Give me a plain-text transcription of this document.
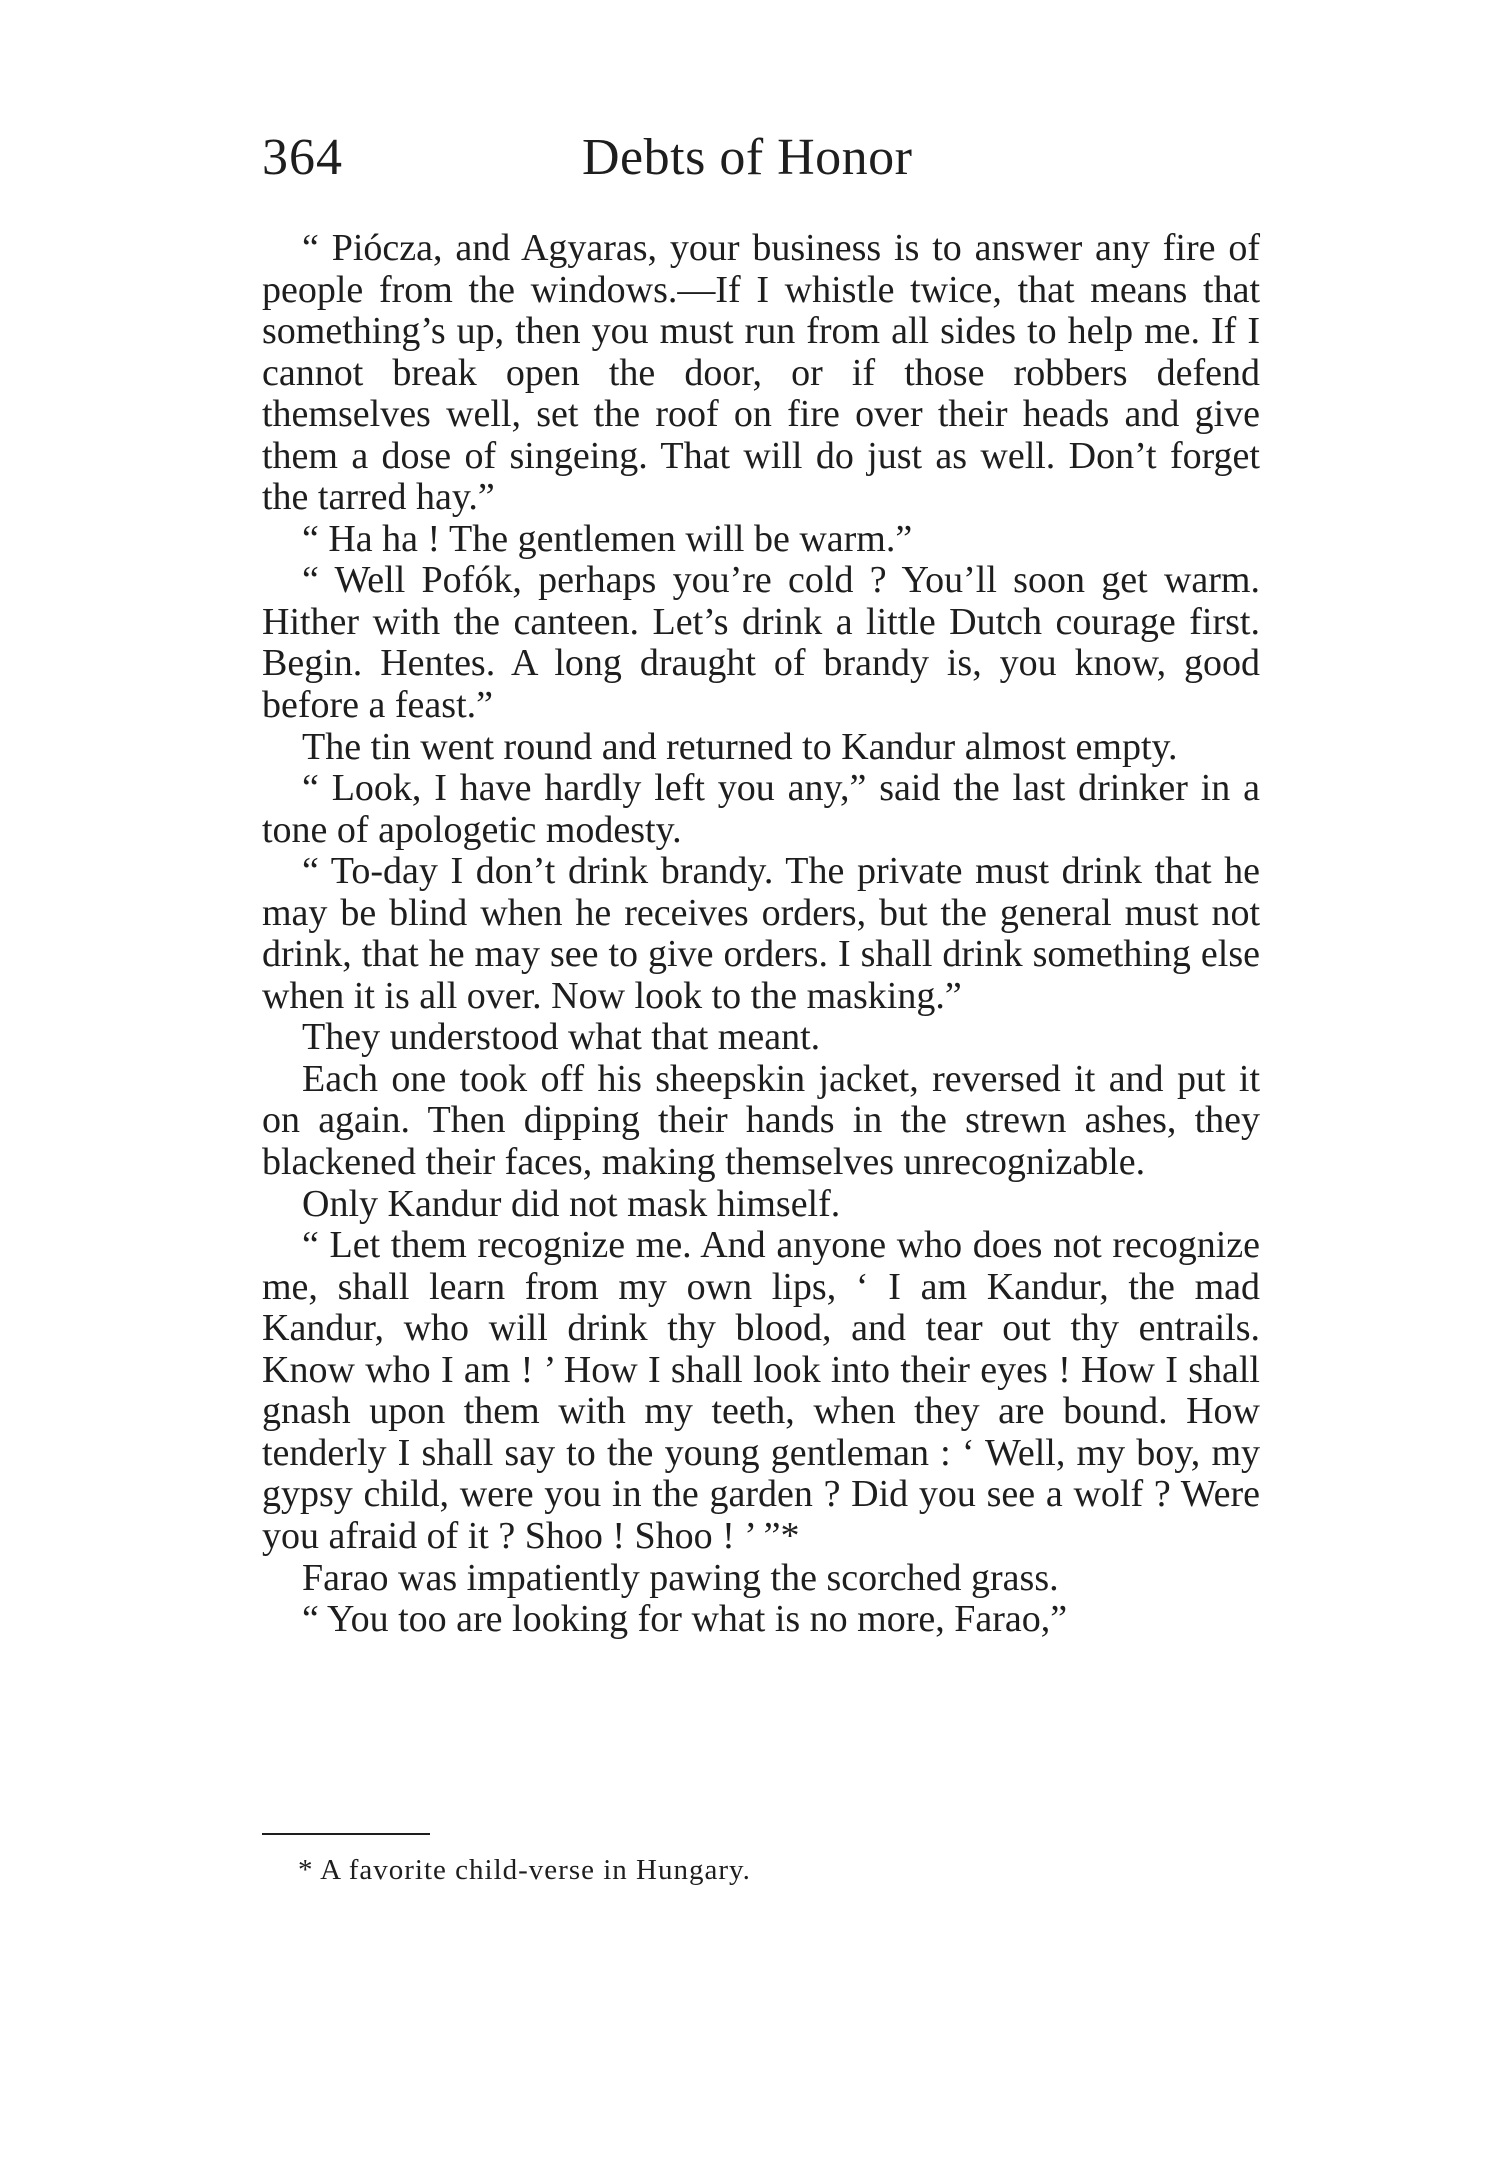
364	Debts of Honor

“ Piócza, and Agyaras, your business is to answer any fire of people from the windows.—If I whistle twice, that means that something’s up, then you must run from all sides to help me. If I cannot break open the door, or if those robbers defend themselves well, set the roof on fire over their heads and give them a dose of singeing. That will do just as well. Don’t forget the tarred hay.”

“ Ha ha ! The gentlemen will be warm.”

“ Well Pofók, perhaps you’re cold ? You’ll soon get warm. Hither with the canteen. Let’s drink a little Dutch courage first. Begin. Hentes. A long draught of brandy is, you know, good before a feast.”

The tin went round and returned to Kandur almost empty.

“ Look, I have hardly left you any,” said the last drinker in a tone of apologetic modesty.

“ To-day I don’t drink brandy. The private must drink that he may be blind when he receives orders, but the general must not drink, that he may see to give orders. I shall drink something else when it is all over. Now look to the masking.”

They understood what that meant.

Each one took off his sheepskin jacket, reversed it and put it on again. Then dipping their hands in the strewn ashes, they blackened their faces, making themselves unrecognizable.

Only Kandur did not mask himself.

“ Let them recognize me. And anyone who does not recognize me, shall learn from my own lips, ‘ I am Kandur, the mad Kandur, who will drink thy blood, and tear out thy entrails. Know who I am ! ’ How I shall look into their eyes ! How I shall gnash upon them with my teeth, when they are bound. How tenderly I shall say to the young gentleman : ‘ Well, my boy, my gypsy child, were you in the garden ? Did you see a wolf ? Were you afraid of it ? Shoo ! Shoo ! ’ ”*

Farao was impatiently pawing the scorched grass.

“ You too are looking for what is no more, Farao,”

* A favorite child-verse in Hungary.
